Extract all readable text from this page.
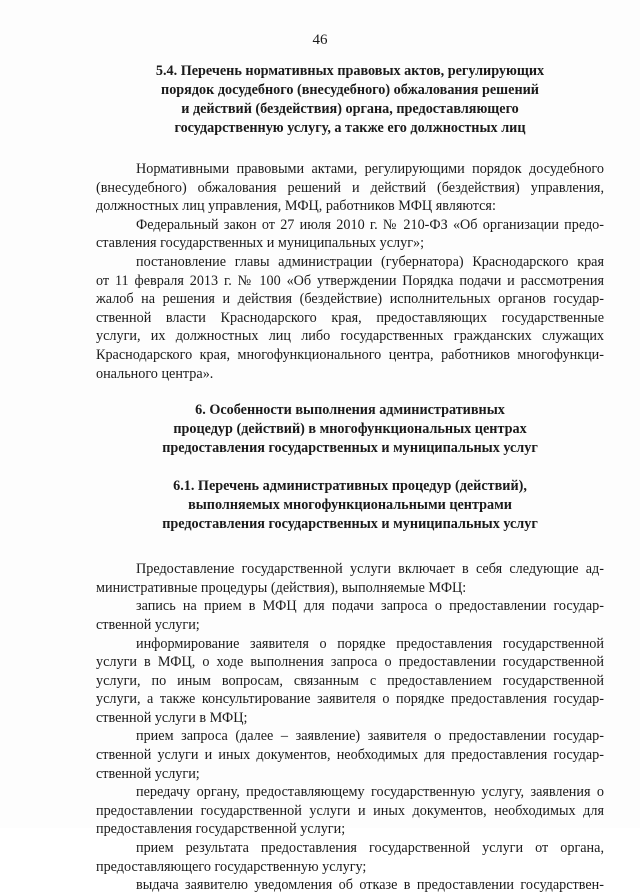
46
5.4. Перечень нормативных правовых актов, регулирующих
порядок досудебного (внесудебного) обжалования решений
и действий (бездействия) органа, предоставляющего
государственную услугу, а также его должностных лиц

Нормативными правовыми актами, регулирующими порядок досудебного
(внесудебного) обжалования решений и действий (бездействия) управления,
должностных лиц управления, МФЦ, работников МФЦ являются:

Федеральный закон от 27 июля 2010 г. № 210-ФЗ «Об организации предо-
ставления государственных и муниципальных услуг»;

постановление главы администрации (губернатора) Краснодарского края
от 11 февраля 2013 г. № 100 «Об утверждении Порядка подачи и рассмотрения
жалоб на решения и действия (бездействие) исполнительных органов государ-
ственной власти Краснодарского края, предоставляющих государственные
услуги, их должностных лиц либо государственных гражданских служащих
Краснодарского края, многофункционального центра, работников многофункци-
онального центра».

6. Особенности выполнения административных
процедур (действий) в многофункциональных центрах
предоставления государственных и муниципальных услуг
6.1. Перечень административных процедур (действий),
выполняемых многофункциональными центрами
предоставления государственных и муниципальных услуг

Предоставление государственной услуги включает в себя следующие ад-
министративные процедуры (действия), выполняемые МФЦ:

запись на прием в МФЦ для подачи запроса о предоставлении государ-
ственной услуги;

информирование заявителя о порядке предоставления государственной
услуги в МФЦ, о ходе выполнения запроса о предоставлении государственной
услуги, по иным вопросам, связанным с предоставлением государственной
услуги, а также консультирование заявителя о порядке предоставления государ-
ственной услуги в МФЦ;

прием запроса (далее – заявление) заявителя о предоставлении государ-
ственной услуги и иных документов, необходимых для предоставления государ-
ственной услуги;

передачу органу, предоставляющему государственную услугу, заявления о
предоставлении государственной услуги и иных документов, необходимых для
предоставления государственной услуги;

прием результата предоставления государственной услуги от органа,
предоставляющего государственную услугу;

выдача заявителю уведомления об отказе в предоставлении государствен-
